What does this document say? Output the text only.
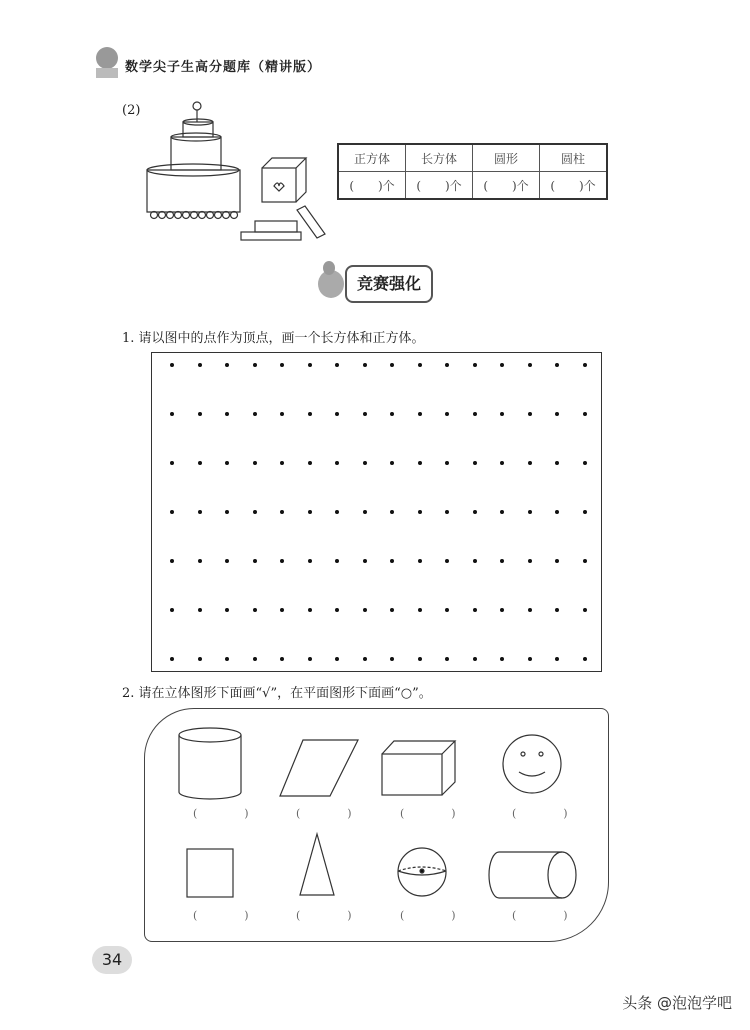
数学尖子生高分题库（精讲版）
(2)
正方体	长方体	圆形	圆柱
(　　)个	(　　)个	(　　)个	(　　)个
竞赛强化
1. 请以图中的点作为顶点，画一个长方体和正方体。
2. 请在立体图形下面画“√”，在平面图形下面画“○”。
(　)	(　)	(　)	(　)
(　)	(　)	(　)	(　)
34
头条 @泡泡学吧
